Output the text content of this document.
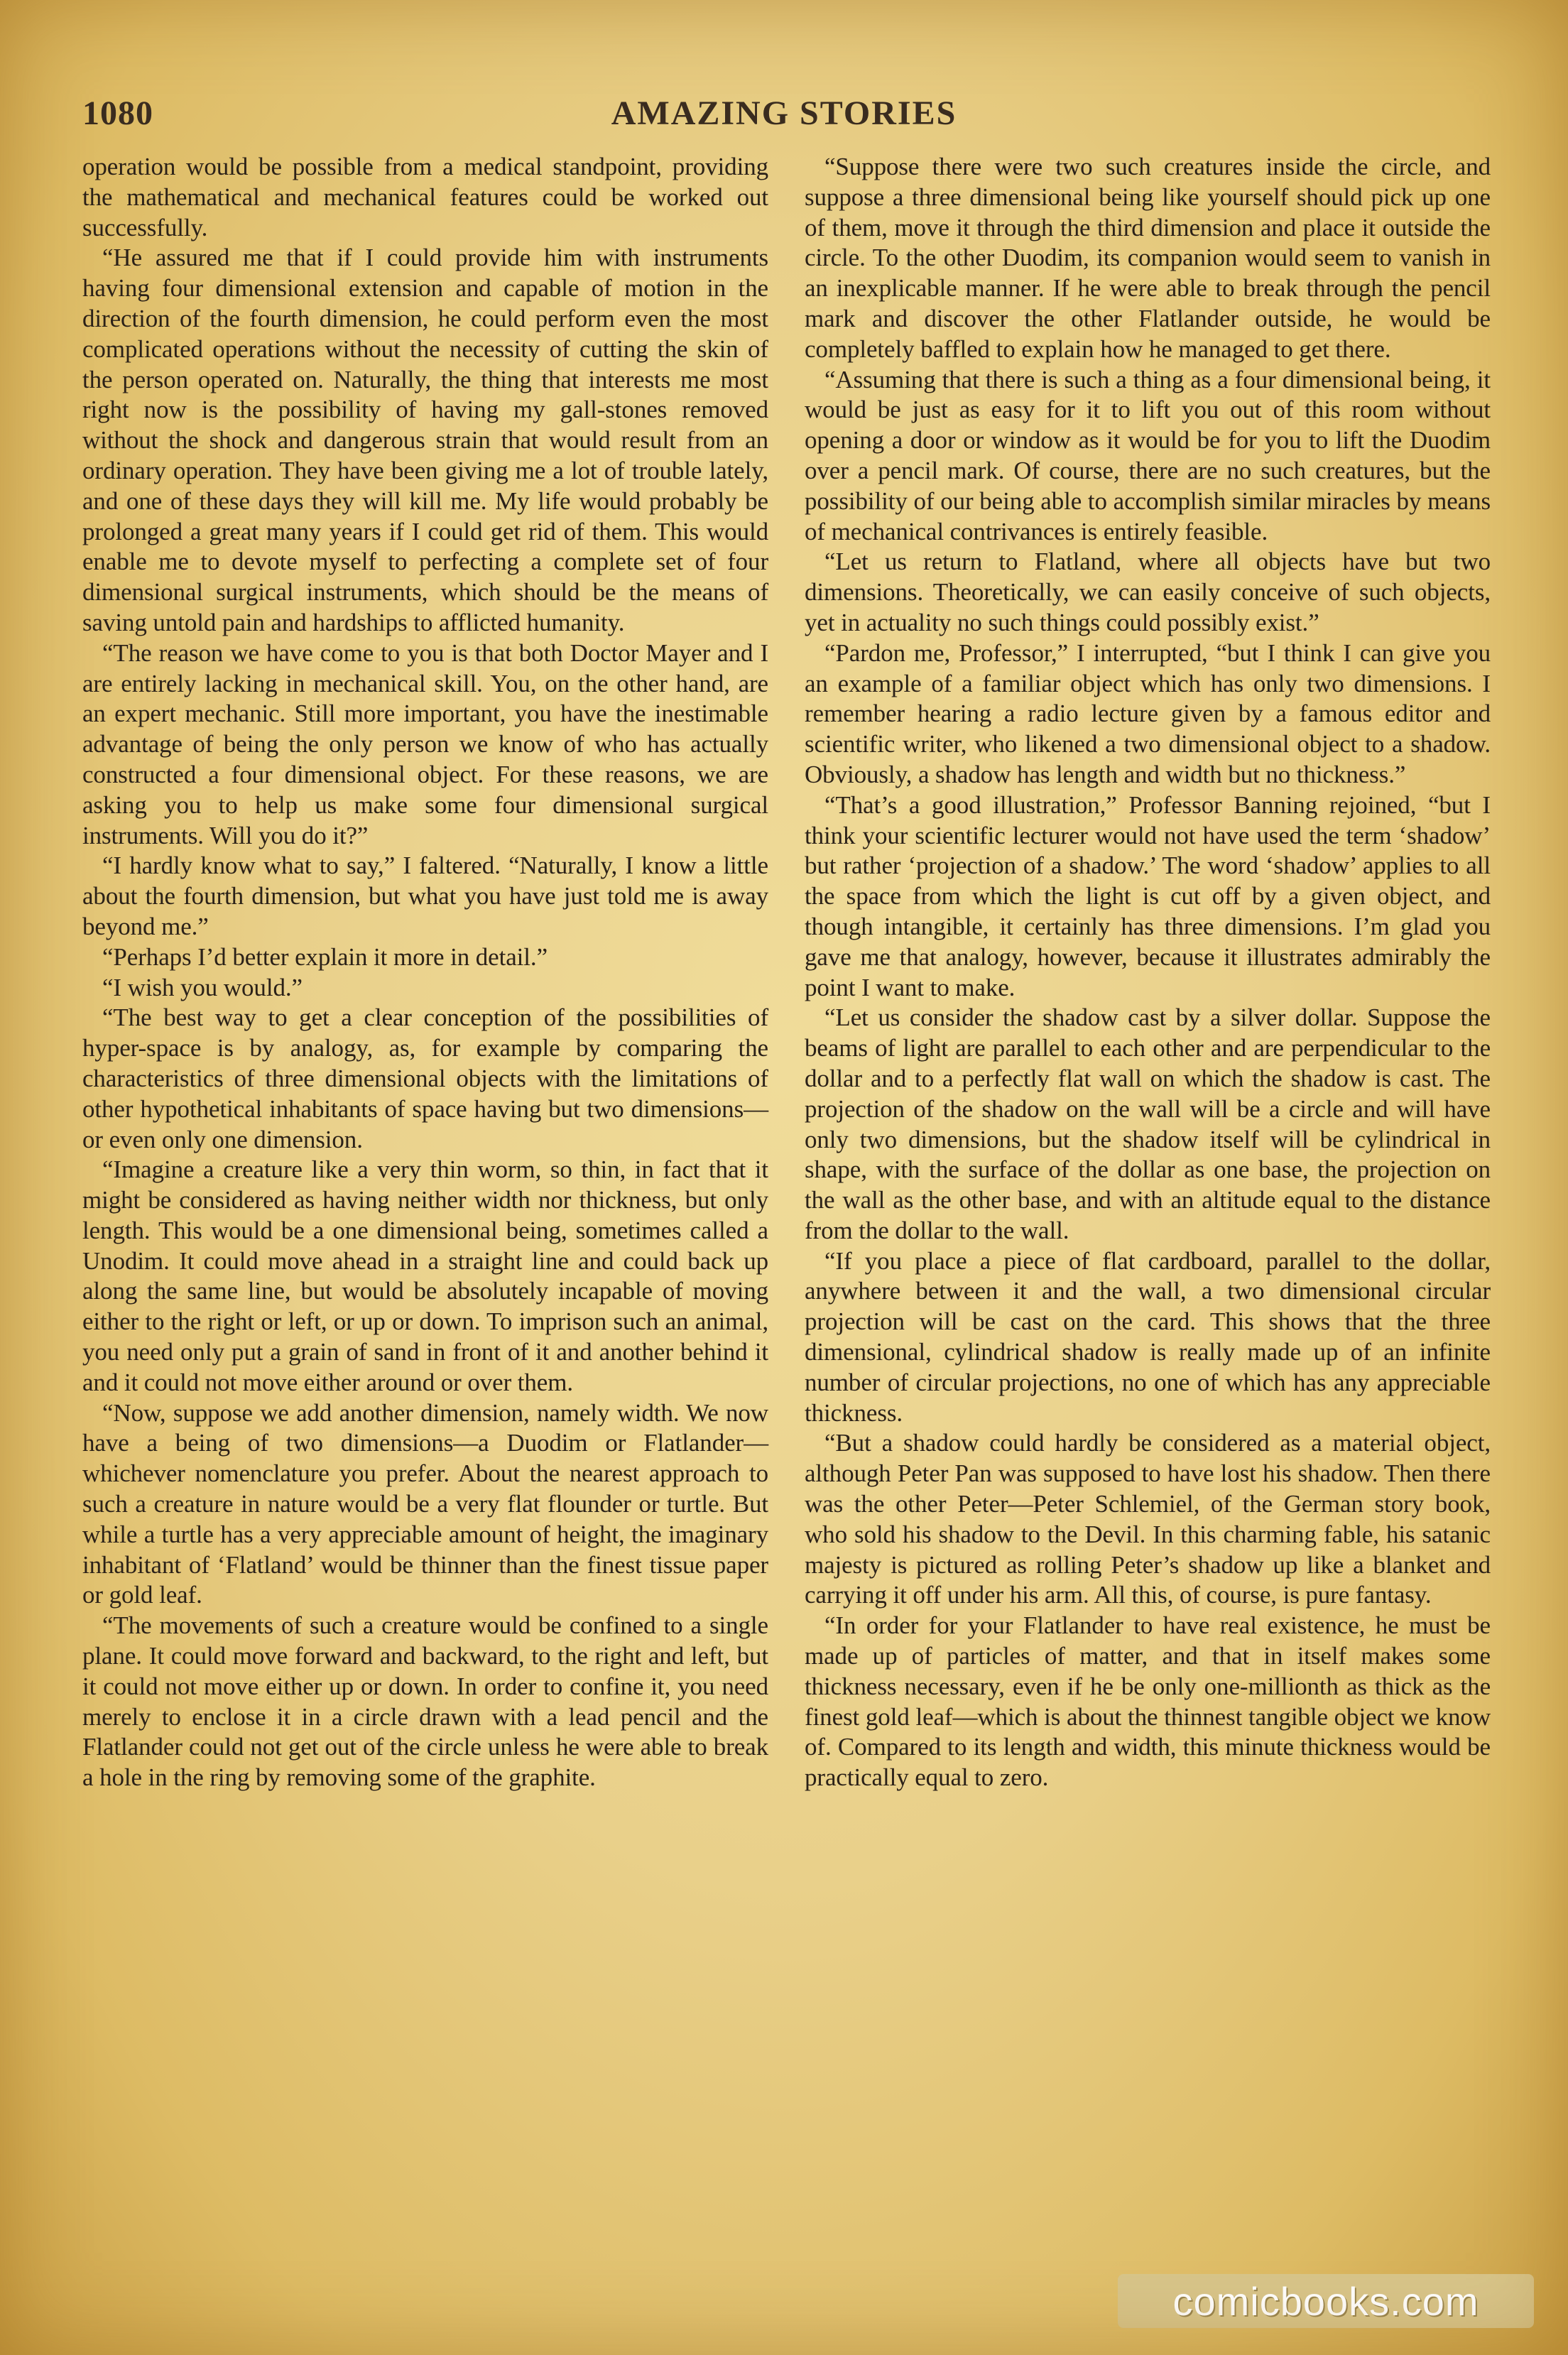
1080	AMAZING STORIES

operation would be possible from a medical standpoint, providing the mathematical and mechanical features could be worked out successfully.

“He assured me that if I could provide him with instruments having four dimensional extension and capable of motion in the direction of the fourth dimension, he could perform even the most complicated operations without the necessity of cutting the skin of the person operated on. Naturally, the thing that interests me most right now is the possibility of having my gall-stones removed without the shock and dangerous strain that would result from an ordinary operation. They have been giving me a lot of trouble lately, and one of these days they will kill me. My life would probably be prolonged a great many years if I could get rid of them. This would enable me to devote myself to perfecting a complete set of four dimensional surgical instruments, which should be the means of saving untold pain and hardships to afflicted humanity.

“The reason we have come to you is that both Doctor Mayer and I are entirely lacking in mechanical skill. You, on the other hand, are an expert mechanic. Still more important, you have the inestimable advantage of being the only person we know of who has actually constructed a four dimensional object. For these reasons, we are asking you to help us make some four dimensional surgical instruments. Will you do it?”

“I hardly know what to say,” I faltered. “Naturally, I know a little about the fourth dimension, but what you have just told me is away beyond me.”

“Perhaps I’d better explain it more in detail.”

“I wish you would.”

“The best way to get a clear conception of the possibilities of hyper-space is by analogy, as, for example by comparing the characteristics of three dimensional objects with the limitations of other hypothetical inhabitants of space having but two dimensions—or even only one dimension.

“Imagine a creature like a very thin worm, so thin, in fact that it might be considered as having neither width nor thickness, but only length. This would be a one dimensional being, sometimes called a Unodim. It could move ahead in a straight line and could back up along the same line, but would be absolutely incapable of moving either to the right or left, or up or down. To imprison such an animal, you need only put a grain of sand in front of it and another behind it and it could not move either around or over them.

“Now, suppose we add another dimension, namely width. We now have a being of two dimensions—a Duodim or Flatlander—whichever nomenclature you prefer. About the nearest approach to such a creature in nature would be a very flat flounder or turtle. But while a turtle has a very appreciable amount of height, the imaginary inhabitant of ‘Flatland’ would be thinner than the finest tissue paper or gold leaf.

“The movements of such a creature would be confined to a single plane. It could move forward and backward, to the right and left, but it could not move either up or down. In order to confine it, you need merely to enclose it in a circle drawn with a lead pencil and the Flatlander could not get out of the circle unless he were able to break a hole in the ring by removing some of the graphite.

“Suppose there were two such creatures inside the circle, and suppose a three dimensional being like yourself should pick up one of them, move it through the third dimension and place it outside the circle. To the other Duodim, its companion would seem to vanish in an inexplicable manner. If he were able to break through the pencil mark and discover the other Flatlander outside, he would be completely baffled to explain how he managed to get there.

“Assuming that there is such a thing as a four dimensional being, it would be just as easy for it to lift you out of this room without opening a door or window as it would be for you to lift the Duodim over a pencil mark. Of course, there are no such creatures, but the possibility of our being able to accomplish similar miracles by means of mechanical contrivances is entirely feasible.

“Let us return to Flatland, where all objects have but two dimensions. Theoretically, we can easily conceive of such objects, yet in actuality no such things could possibly exist.”

“Pardon me, Professor,” I interrupted, “but I think I can give you an example of a familiar object which has only two dimensions. I remember hearing a radio lecture given by a famous editor and scientific writer, who likened a two dimensional object to a shadow. Obviously, a shadow has length and width but no thickness.”

“That’s a good illustration,” Professor Banning rejoined, “but I think your scientific lecturer would not have used the term ‘shadow’ but rather ‘projection of a shadow.’ The word ‘shadow’ applies to all the space from which the light is cut off by a given object, and though intangible, it certainly has three dimensions. I’m glad you gave me that analogy, however, because it illustrates admirably the point I want to make.

“Let us consider the shadow cast by a silver dollar. Suppose the beams of light are parallel to each other and are perpendicular to the dollar and to a perfectly flat wall on which the shadow is cast. The projection of the shadow on the wall will be a circle and will have only two dimensions, but the shadow itself will be cylindrical in shape, with the surface of the dollar as one base, the projection on the wall as the other base, and with an altitude equal to the distance from the dollar to the wall.

“If you place a piece of flat cardboard, parallel to the dollar, anywhere between it and the wall, a two dimensional circular projection will be cast on the card. This shows that the three dimensional, cylindrical shadow is really made up of an infinite number of circular projections, no one of which has any appreciable thickness.

“But a shadow could hardly be considered as a material object, although Peter Pan was supposed to have lost his shadow. Then there was the other Peter—Peter Schlemiel, of the German story book, who sold his shadow to the Devil. In this charming fable, his satanic majesty is pictured as rolling Peter’s shadow up like a blanket and carrying it off under his arm. All this, of course, is pure fantasy.

“In order for your Flatlander to have real existence, he must be made up of particles of matter, and that in itself makes some thickness necessary, even if he be only one-millionth as thick as the finest gold leaf—which is about the thinnest tangible object we know of. Compared to its length and width, this minute thickness would be practically equal to zero.

comicbooks.com
